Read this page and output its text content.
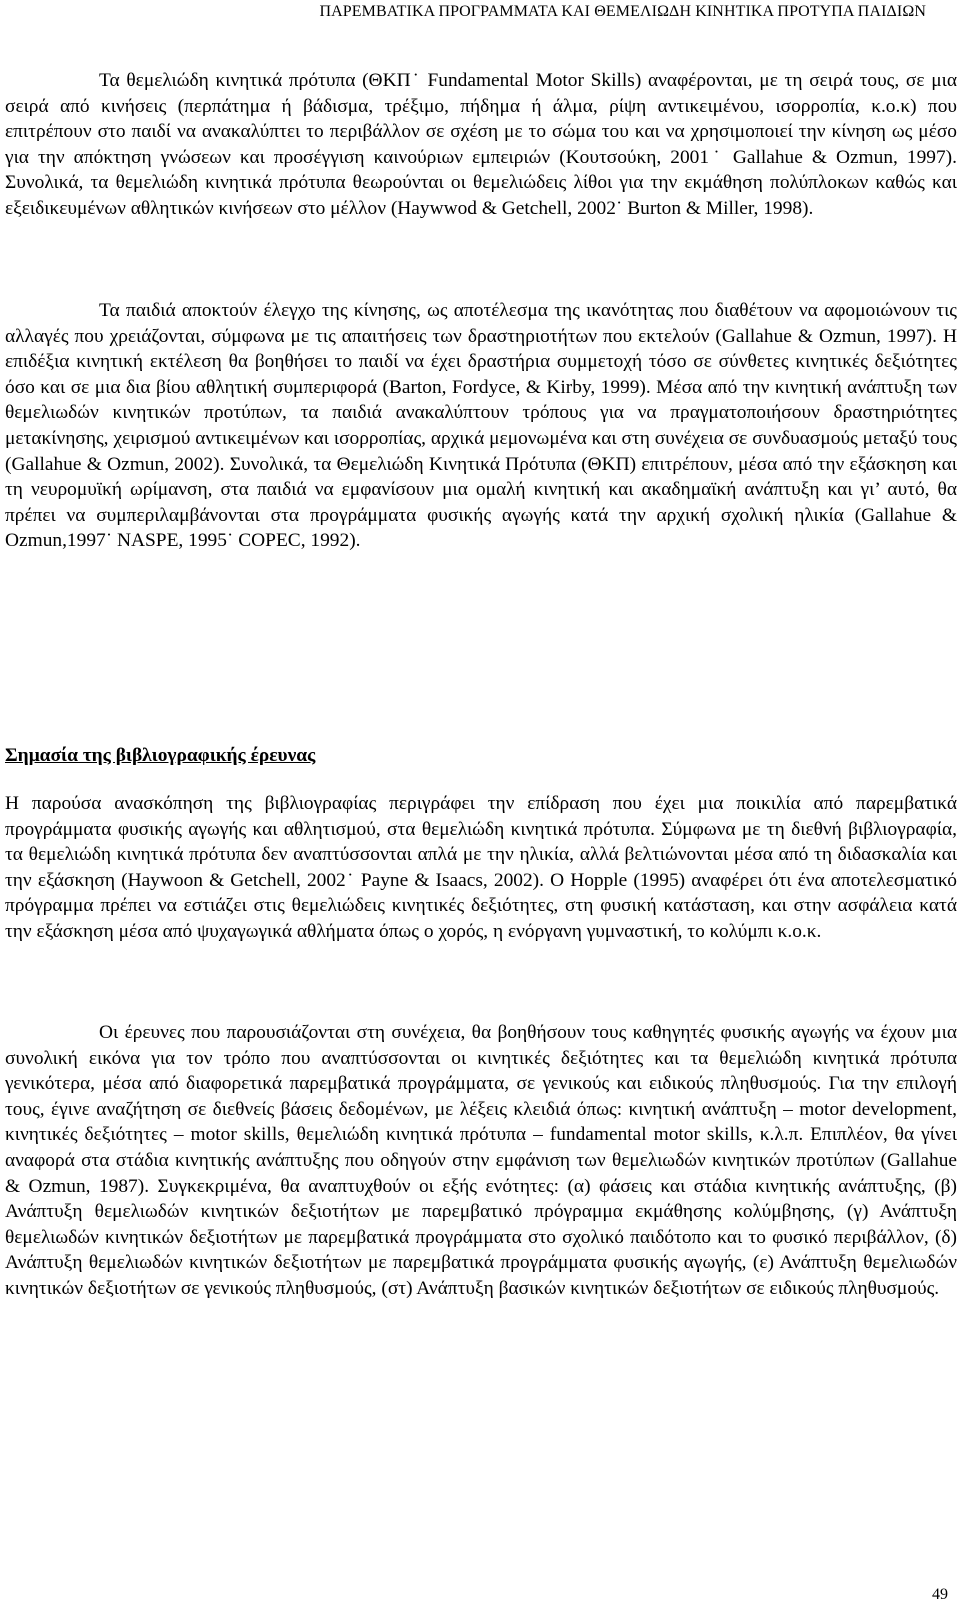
ΠΑΡΕΜΒΑΤΙΚΑ ΠΡΟΓΡΑΜΜΑΤΑ ΚΑΙ ΘΕΜΕΛΙΩΔΗ ΚΙΝΗΤΙΚΑ ΠΡΟΤΥΠΑ ΠΑΙΔΙΩΝ

Τα θεμελιώδη κινητικά πρότυπα (ΘΚΠ˙ Fundamental Motor Skills) αναφέρονται, με τη σειρά τους, σε μια σειρά από κινήσεις (περπάτημα ή βάδισμα, τρέξιμο, πήδημα ή άλμα, ρίψη αντικειμένου, ισορροπία, κ.ο.κ) που επιτρέπουν στο παιδί να ανακαλύπτει το περιβάλλον σε σχέση με το σώμα του και να χρησιμοποιεί την κίνηση ως μέσο για την απόκτηση γνώσεων και προσέγγιση καινούριων εμπειριών (Κουτσούκη, 2001˙ Gallahue & Ozmun, 1997). Συνολικά, τα θεμελιώδη κινητικά πρότυπα θεωρούνται οι θεμελιώδεις λίθοι για την εκμάθηση πολύπλοκων καθώς και εξειδικευμένων αθλητικών κινήσεων στο μέλλον (Haywwod & Getchell, 2002˙ Burton & Miller, 1998).

Τα παιδιά αποκτούν έλεγχο της κίνησης, ως αποτέλεσμα της ικανότητας που διαθέτουν να αφομοιώνουν τις αλλαγές που χρειάζονται, σύμφωνα με τις απαιτήσεις των δραστηριοτήτων που εκτελούν (Gallahue & Ozmun, 1997). Η επιδέξια κινητική εκτέλεση θα βοηθήσει το παιδί να έχει δραστήρια συμμετοχή τόσο σε σύνθετες κινητικές δεξιότητες όσο και σε μια δια βίου αθλητική συμπεριφορά (Barton, Fordyce, & Kirby, 1999). Μέσα από την κινητική ανάπτυξη των θεμελιωδών κινητικών προτύπων, τα παιδιά ανακαλύπτουν τρόπους για να πραγματοποιήσουν δραστηριότητες μετακίνησης, χειρισμού αντικειμένων και ισορροπίας, αρχικά μεμονωμένα και στη συνέχεια σε συνδυασμούς μεταξύ τους (Gallahue & Ozmun, 2002). Συνολικά, τα Θεμελιώδη Κινητικά Πρότυπα (ΘΚΠ) επιτρέπουν, μέσα από την εξάσκηση και τη νευρομυϊκή ωρίμανση, στα παιδιά να εμφανίσουν μια ομαλή κινητική και ακαδημαϊκή ανάπτυξη και γι’ αυτό, θα πρέπει να συμπεριλαμβάνονται στα προγράμματα φυσικής αγωγής κατά την αρχική σχολική ηλικία (Gallahue & Ozmun,1997˙ NASPE, 1995˙ COPEC, 1992).

Σημασία της βιβλιογραφικής έρευνας

Η παρούσα ανασκόπηση της βιβλιογραφίας περιγράφει την επίδραση που έχει μια ποικιλία από παρεμβατικά προγράμματα φυσικής αγωγής και αθλητισμού, στα θεμελιώδη κινητικά πρότυπα. Σύμφωνα με τη διεθνή βιβλιογραφία, τα θεμελιώδη κινητικά πρότυπα δεν αναπτύσσονται απλά με την ηλικία, αλλά βελτιώνονται μέσα από τη διδασκαλία και την εξάσκηση (Haywoon & Getchell, 2002˙ Payne & Isaacs, 2002). Ο Hopple (1995) αναφέρει ότι ένα αποτελεσματικό πρόγραμμα πρέπει να εστιάζει στις θεμελιώδεις κινητικές δεξιότητες, στη φυσική κατάσταση, και στην ασφάλεια κατά την εξάσκηση μέσα από ψυχαγωγικά αθλήματα όπως ο χορός, η ενόργανη γυμναστική, το κολύμπι κ.ο.κ.

Οι έρευνες που παρουσιάζονται στη συνέχεια, θα βοηθήσουν τους καθηγητές φυσικής αγωγής να έχουν μια συνολική εικόνα για τον τρόπο που αναπτύσσονται οι κινητικές δεξιότητες και τα θεμελιώδη κινητικά πρότυπα γενικότερα, μέσα από διαφορετικά παρεμβατικά προγράμματα, σε γενικούς και ειδικούς πληθυσμούς. Για την επιλογή τους, έγινε αναζήτηση σε διεθνείς βάσεις δεδομένων, με λέξεις κλειδιά όπως: κινητική ανάπτυξη – motor development, κινητικές δεξιότητες – motor skills, θεμελιώδη κινητικά πρότυπα – fundamental motor skills, κ.λ.π. Επιπλέον, θα γίνει αναφορά στα στάδια κινητικής ανάπτυξης που οδηγούν στην εμφάνιση των θεμελιωδών κινητικών προτύπων (Gallahue & Ozmun, 1987). Συγκεκριμένα, θα αναπτυχθούν οι εξής ενότητες: (α) φάσεις και στάδια κινητικής ανάπτυξης, (β) Ανάπτυξη θεμελιωδών κινητικών δεξιοτήτων με παρεμβατικό πρόγραμμα εκμάθησης κολύμβησης, (γ) Ανάπτυξη θεμελιωδών κινητικών δεξιοτήτων με παρεμβατικά προγράμματα στο σχολικό παιδότοπο και το φυσικό περιβάλλον, (δ) Ανάπτυξη θεμελιωδών κινητικών δεξιοτήτων με παρεμβατικά προγράμματα φυσικής αγωγής, (ε) Ανάπτυξη θεμελιωδών κινητικών δεξιοτήτων σε γενικούς πληθυσμούς, (στ) Ανάπτυξη βασικών κινητικών δεξιοτήτων σε ειδικούς πληθυσμούς.

49
